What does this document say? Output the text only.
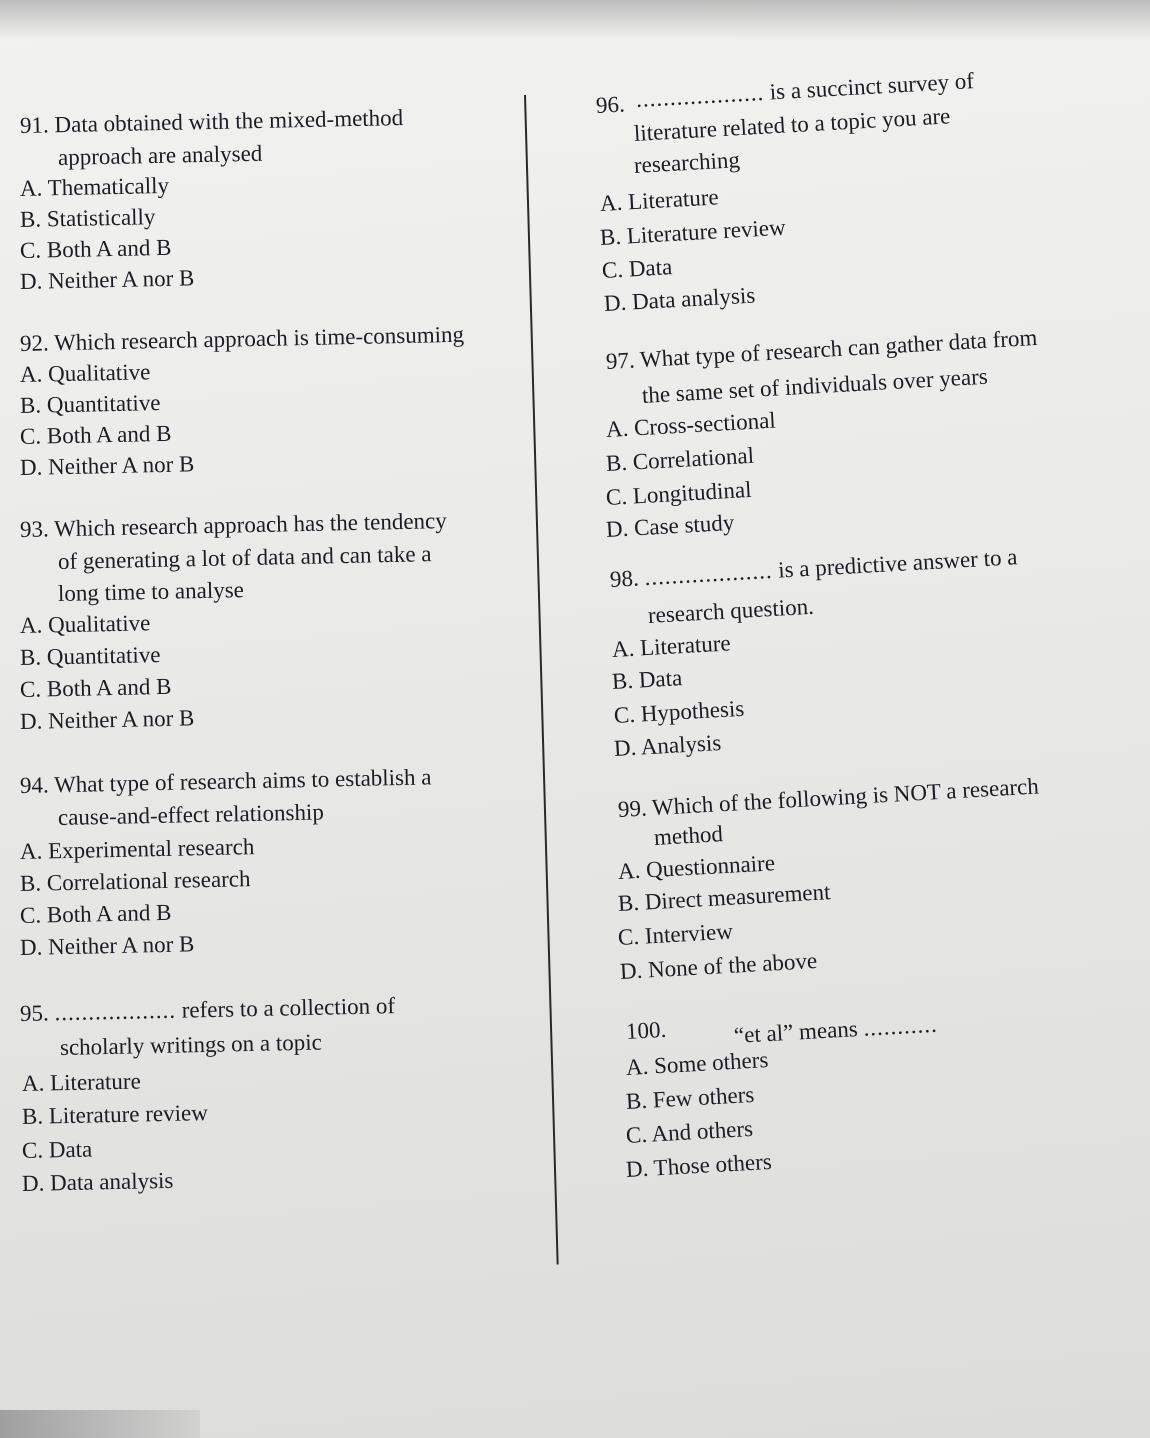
91. Data obtained with the mixed-method
approach are analysed
A. Thematically
B. Statistically
C. Both A and B
D. Neither A nor B
92. Which research approach is time-consuming
A. Qualitative
B. Quantitative
C. Both A and B
D. Neither A nor B
93. Which research approach has the tendency
of generating a lot of data and can take a
long time to analyse
A. Qualitative
B. Quantitative
C. Both A and B
D. Neither A nor B
94. What type of research aims to establish a
cause-and-effect relationship
A. Experimental research
B. Correlational research
C. Both A and B
D. Neither A nor B
95. .................. refers to a collection of
scholarly writings on a topic
A. Literature
B. Literature review
C. Data
D. Data analysis
96. ................... is a succinct survey of
literature related to a topic you are
researching
A. Literature
B. Literature review
C. Data
D. Data analysis
97. What type of research can gather data from
the same set of individuals over years
A. Cross-sectional
B. Correlational
C. Longitudinal
D. Case study
98. ................... is a predictive answer to a
research question.
A. Literature
B. Data
C. Hypothesis
D. Analysis
99. Which of the following is NOT a research
method
A. Questionnaire
B. Direct measurement
C. Interview
D. None of the above
100.	“et al” means ...........
A. Some others
B. Few others
C. And others
D. Those others
